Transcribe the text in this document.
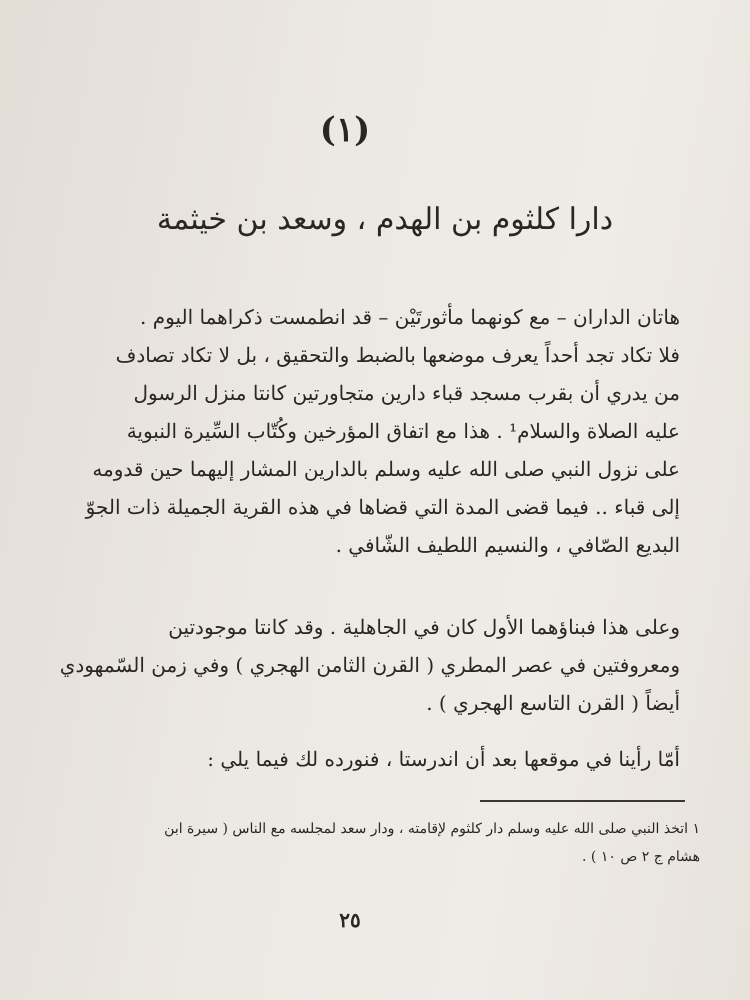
(١)
دارا كلثوم بن الهدم ، وسعد بن خيثمة
هاتان الداران – مع كونهما مأثورتَيْن – قد انطمست ذكراهما اليوم .
فلا تكاد تجد أحداً يعرف موضعها بالضبط والتحقيق ، بل لا تكاد تصادف
من يدري أن بقرب مسجد قباء دارين متجاورتين كانتا منزل الرسول
عليه الصلاة والسلام¹ . هذا مع اتفاق المؤرخين وكُتّاب السِّيرة النبوية
على نزول النبي صلى الله عليه وسلم بالدارين المشار إليهما حين قدومه
إلى قباء .. فيما قضى المدة التي قضاها في هذه القرية الجميلة ذات الجوّ
البديع الصّافي ، والنسيم اللطيف الشّافي .
وعلى هذا فبناؤهما الأول كان في الجاهلية . وقد كانتا موجودتين
ومعروفتين في عصر المطري ( القرن الثامن الهجري ) وفي زمن السّمهودي
أيضاً ( القرن التاسع الهجري ) .
أمّا رأينا في موقعها بعد أن اندرستا ، فنورده لك فيما يلي :
١ اتخذ النبي صلى الله عليه وسلم دار كلثوم لإقامته ، ودار سعد لمجلسه مع الناس ( سيرة ابن
هشام ج ٢ ص ١٠ ) .
٢٥
